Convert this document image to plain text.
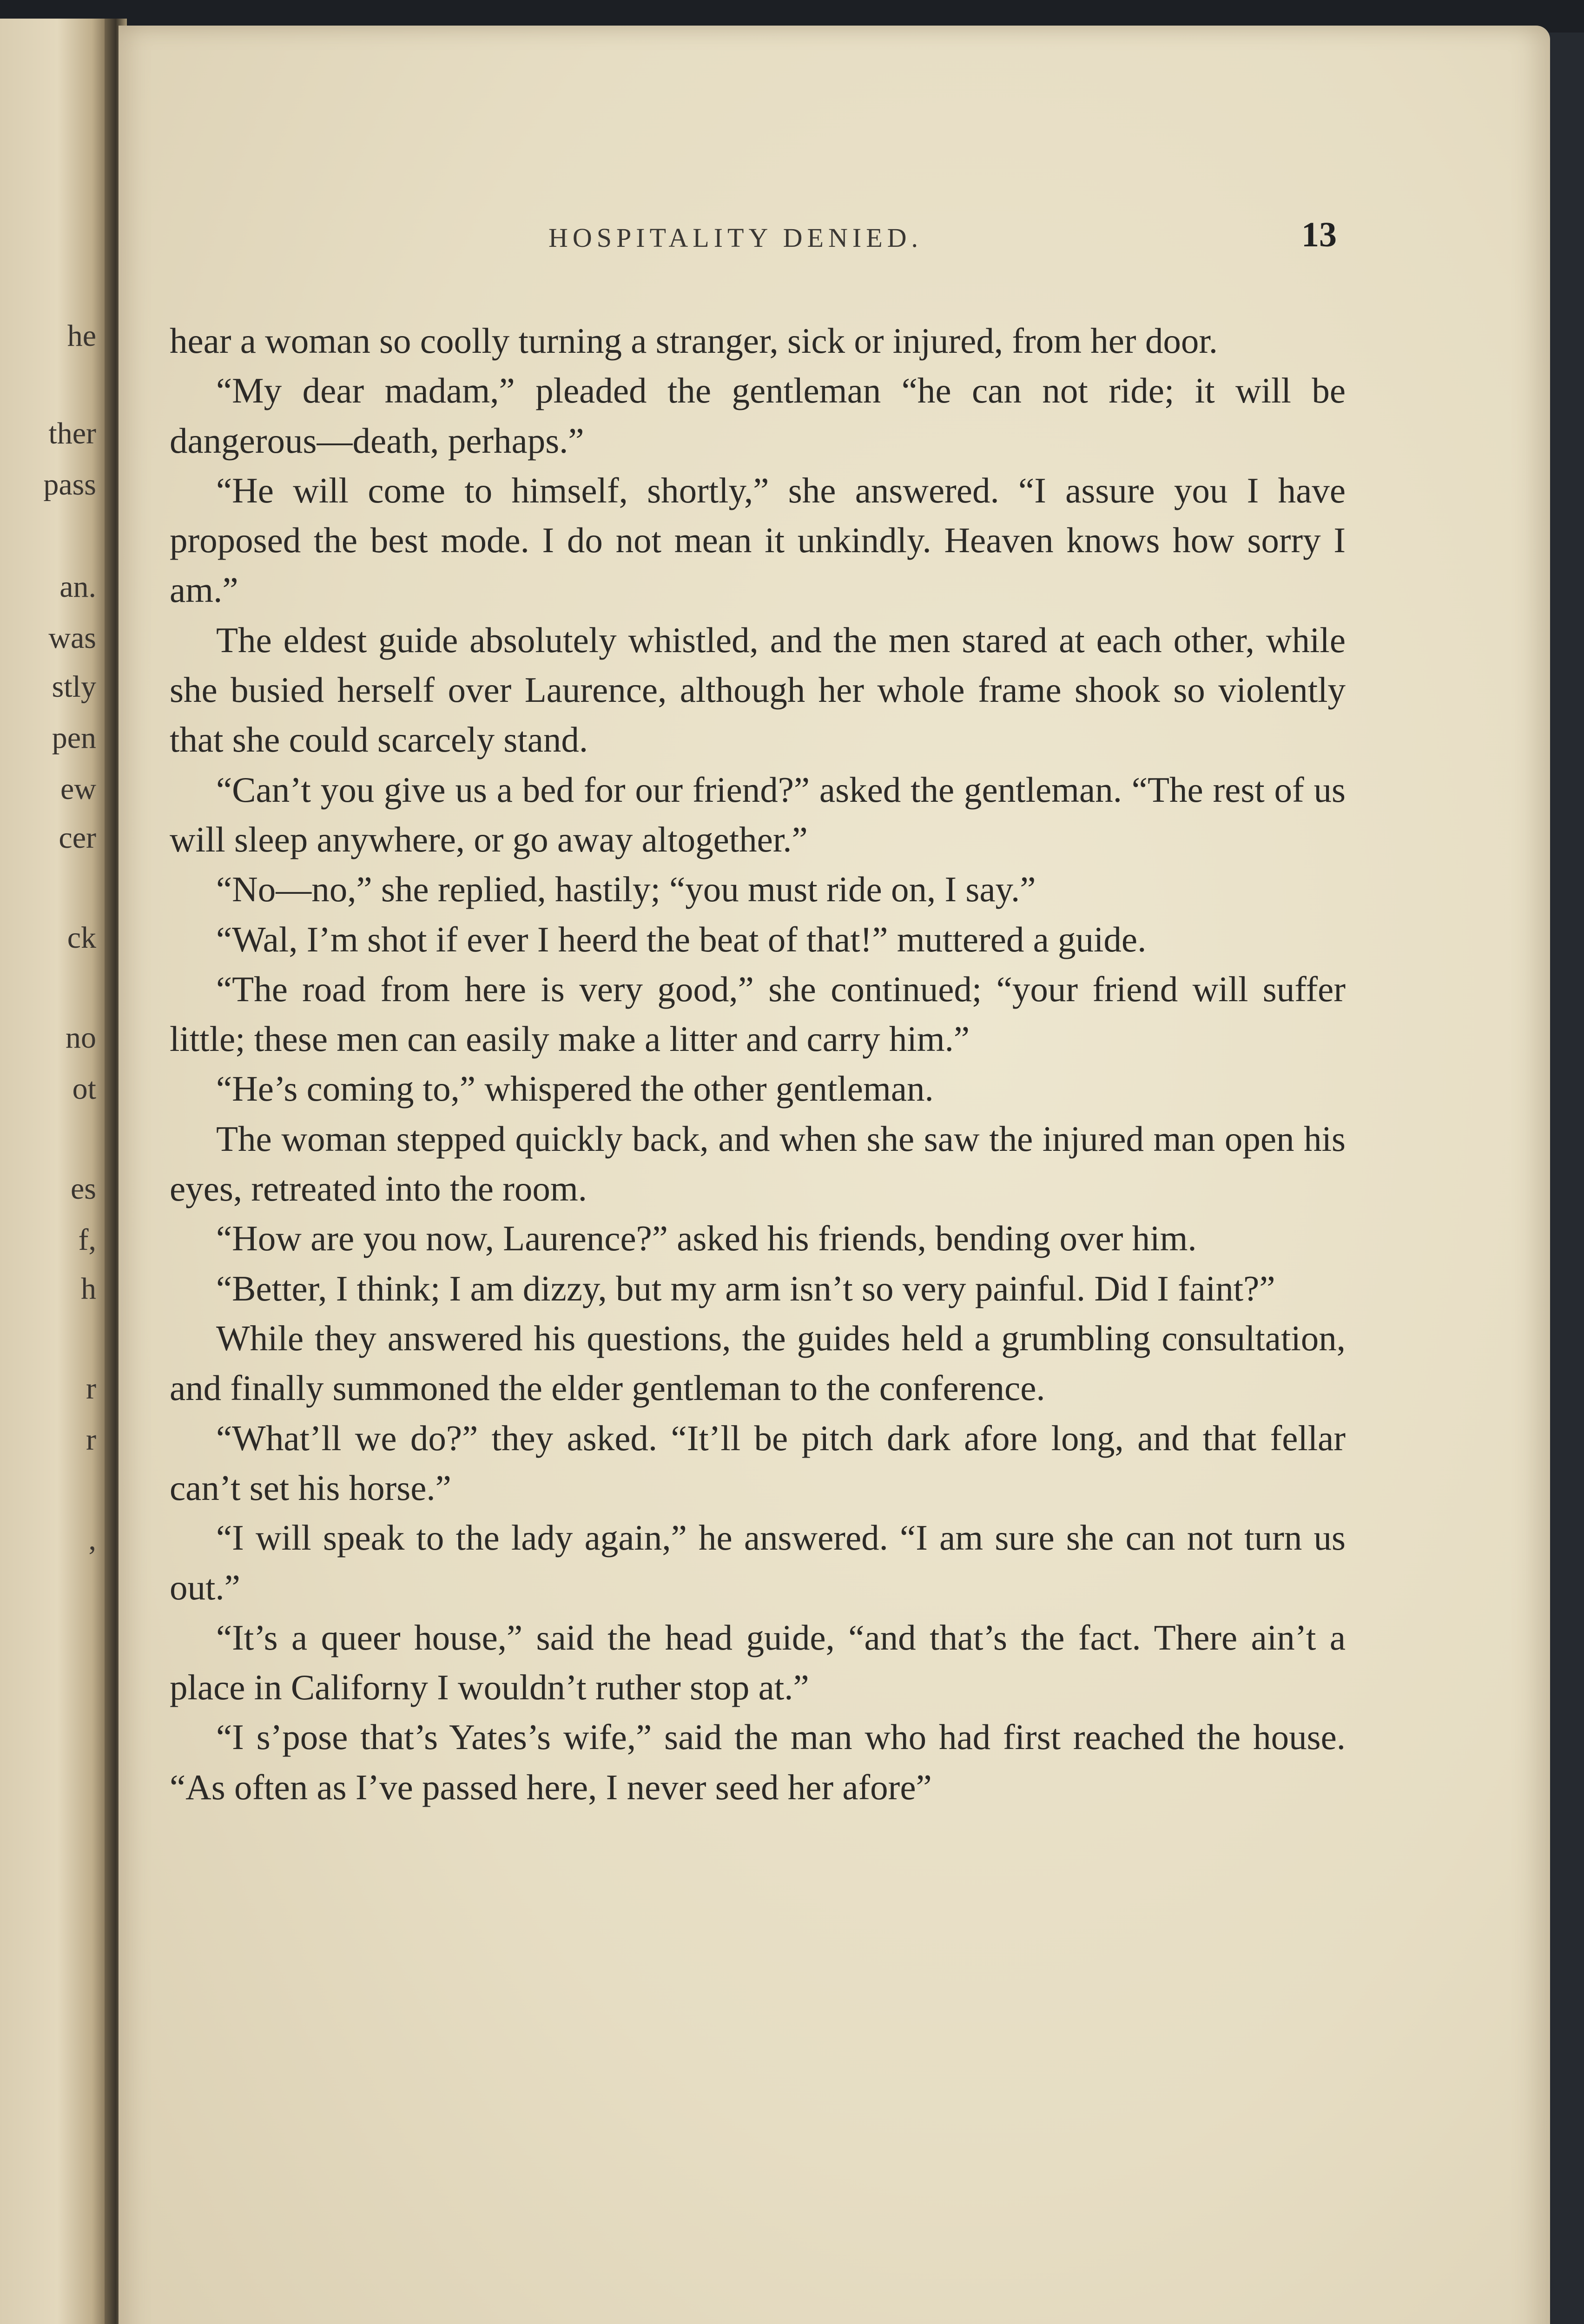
he
ther
pass
an.
was
stly
pen
ew
cer
ck
no
ot
es
f,
h
r
r
,
HOSPITALITY DENIED.	13

hear a woman so coolly turning a stranger, sick or injured, from her door.

“My dear madam,” pleaded the gentleman “he can not ride; it will be dangerous—death, perhaps.”

“He will come to himself, shortly,” she answered. “I assure you I have proposed the best mode. I do not mean it unkindly. Heaven knows how sorry I am.”

The eldest guide absolutely whistled, and the men stared at each other, while she busied herself over Laurence, although her whole frame shook so violently that she could scarcely stand.

“Can’t you give us a bed for our friend?” asked the gentleman. “The rest of us will sleep anywhere, or go away altogether.”

“No—no,” she replied, hastily; “you must ride on, I say.”

“Wal, I’m shot if ever I heerd the beat of that!” muttered a guide.

“The road from here is very good,” she continued; “your friend will suffer little; these men can easily make a litter and carry him.”

“He’s coming to,” whispered the other gentleman.

The woman stepped quickly back, and when she saw the injured man open his eyes, retreated into the room.

“How are you now, Laurence?” asked his friends, bending over him.

“Better, I think; I am dizzy, but my arm isn’t so very painful. Did I faint?”

While they answered his questions, the guides held a grumbling consultation, and finally summoned the elder gentleman to the conference.

“What’ll we do?” they asked. “It’ll be pitch dark afore long, and that fellar can’t set his horse.”

“I will speak to the lady again,” he answered. “I am sure she can not turn us out.”

“It’s a queer house,” said the head guide, “and that’s the fact. There ain’t a place in Californy I wouldn’t ruther stop at.”

“I s’pose that’s Yates’s wife,” said the man who had first reached the house. “As often as I’ve passed here, I never seed her afore”
